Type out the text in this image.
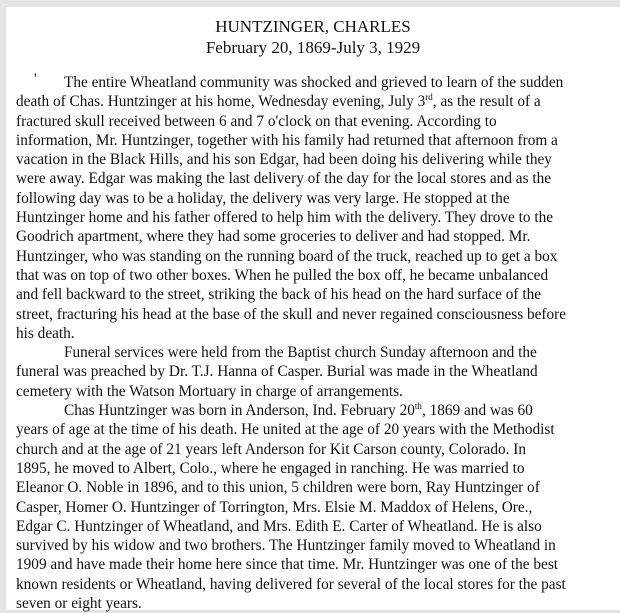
HUNTZINGER, CHARLES
February 20, 1869-July 3, 1929
'	The entire Wheatland community was shocked and grieved to learn of the sudden
death of Chas. Huntzinger at his home, Wednesday evening, July 3rd, as the result of a
fractured skull received between 6 and 7 o'clock on that evening. According to
information, Mr. Huntzinger, together with his family had returned that afternoon from a
vacation in the Black Hills, and his son Edgar, had been doing his delivering while they
were away. Edgar was making the last delivery of the day for the local stores and as the
following day was to be a holiday, the delivery was very large. He stopped at the
Huntzinger home and his father offered to help him with the delivery. They drove to the
Goodrich apartment, where they had some groceries to deliver and had stopped. Mr.
Huntzinger, who was standing on the running board of the truck, reached up to get a box
that was on top of two other boxes. When he pulled the box off, he became unbalanced
and fell backward to the street, striking the back of his head on the hard surface of the
street, fracturing his head at the base of the skull and never regained consciousness before
his death.
Funeral services were held from the Baptist church Sunday afternoon and the
funeral was preached by Dr. T.J. Hanna of Casper. Burial was made in the Wheatland
cemetery with the Watson Mortuary in charge of arrangements.
Chas Huntzinger was born in Anderson, Ind. February 20th, 1869 and was 60
years of age at the time of his death. He united at the age of 20 years with the Methodist
church and at the age of 21 years left Anderson for Kit Carson county, Colorado. In
1895, he moved to Albert, Colo., where he engaged in ranching. He was married to
Eleanor O. Noble in 1896, and to this union, 5 children were born, Ray Huntzinger of
Casper, Homer O. Huntzinger of Torrington, Mrs. Elsie M. Maddox of Helens, Ore.,
Edgar C. Huntzinger of Wheatland, and Mrs. Edith E. Carter of Wheatland. He is also
survived by his widow and two brothers. The Huntzinger family moved to Wheatland in
1909 and have made their home here since that time. Mr. Huntzinger was one of the best
known residents or Wheatland, having delivered for several of the local stores for the past
seven or eight years.
